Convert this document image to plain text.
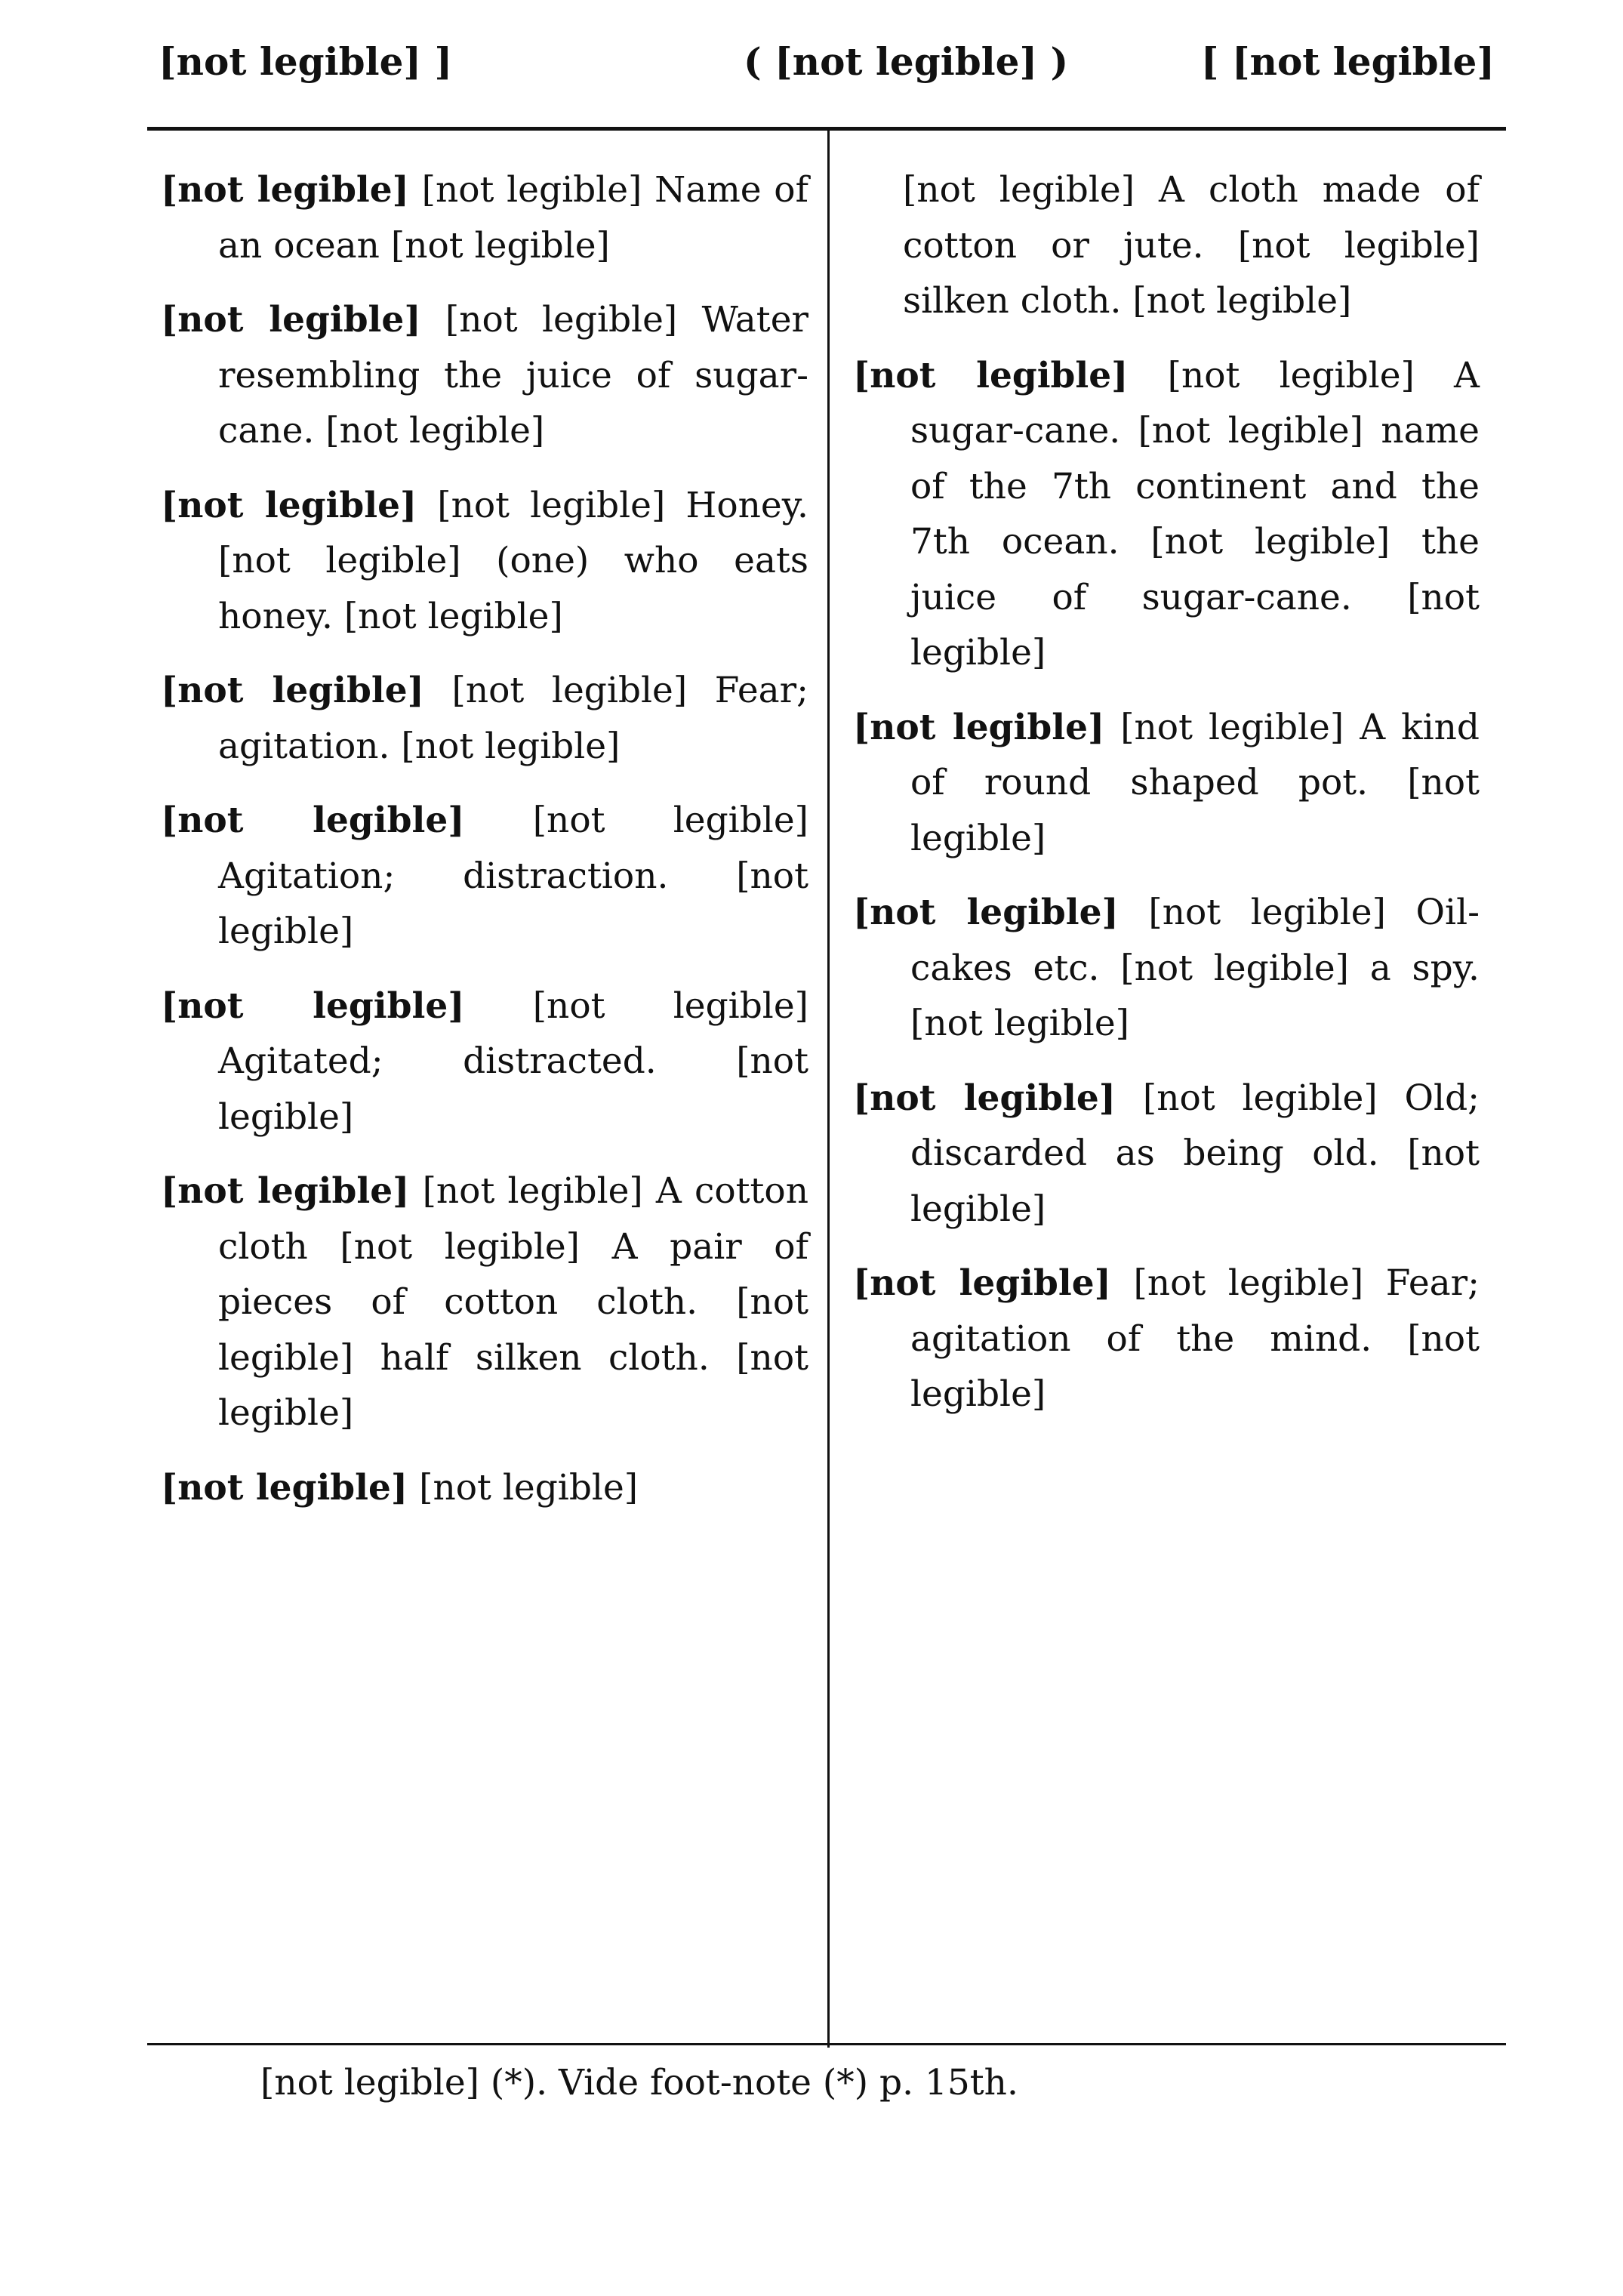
[not legible] ]	( [not legible] )	[ [not legible]

[not legible] [not legible] Name of an ocean [not legible]

[not legible] [not legible] Water resembling the juice of sugar-cane. [not legible]

[not legible] [not legible] Honey. [not legible] (one) who eats honey. [not legible]

[not legible] [not legible] Fear; agitation. [not legible]

[not legible] [not legible] Agitation; distraction. [not legible]

[not legible] [not legible] Agitated; distracted. [not legible]

[not legible] [not legible] A cotton cloth [not legible] A pair of pieces of cotton cloth. [not legible] half silken cloth. [not legible]

[not legible] [not legible]

[not legible] A cloth made of cotton or jute. [not legible] silken cloth. [not legible]

[not legible] [not legible] A sugar-cane. [not legible] name of the 7th continent and the 7th ocean. [not legible] the juice of sugar-cane. [not legible]

[not legible] [not legible] A kind of round shaped pot. [not legible]

[not legible] [not legible] Oil-cakes etc. [not legible] a spy. [not legible]

[not legible] [not legible] Old; discarded as being old. [not legible]

[not legible] [not legible] Fear; agitation of the mind. [not legible]

[not legible] (*). Vide foot-note (*) p. 15th.
